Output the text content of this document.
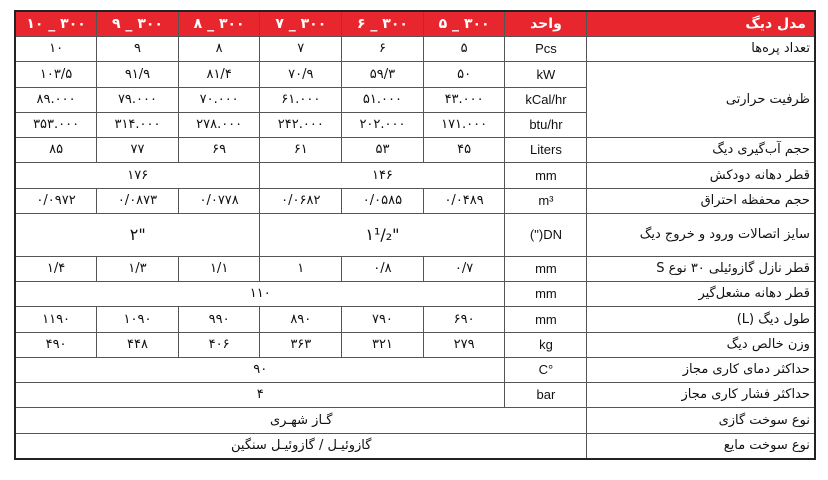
مدل دیگ	واحد	۳۰۰ _ ۵	۳۰۰ _ ۶	۳۰۰ _ ۷	۳۰۰ _ ۸	۳۰۰ _ ۹	۳۰۰ _ ۱۰
تعداد پره‌ها	Pcs	۵	۶	۷	۸	۹	۱۰
ظرفیت حرارتی	kW	۵۰	۵۹/۳	۷۰/۹	۸۱/۴	۹۱/۹	۱۰۳/۵
	kCal/hr	۴۳.۰۰۰	۵۱.۰۰۰	۶۱.۰۰۰	۷۰.۰۰۰	۷۹.۰۰۰	۸۹.۰۰۰
	btu/hr	۱۷۱.۰۰۰	۲۰۲.۰۰۰	۲۴۲.۰۰۰	۲۷۸.۰۰۰	۳۱۴.۰۰۰	۳۵۳.۰۰۰
حجم آب‌گیری دیگ	Liters	۴۵	۵۳	۶۱	۶۹	۷۷	۸۵
قطر دهانه دودکش	mm	۱۴۶			۱۷۶		
حجم محفظه احتراق	m³	۰/۰۴۸۹	۰/۰۵۸۵	۰/۰۶۸۲	۰/۰۷۷۸	۰/۰۸۷۳	۰/۰۹۷۲
سایز اتصالات ورود و خروج دیگ	DN(")	"۱¹/₂			"۲		
قطر نازل گازوئیلی ۳۰ نوع S	mm	۰/۷	۰/۸	۱	۱/۱	۱/۳	۱/۴
قطر دهانه مشعل‌گیر	mm	۱۱۰					
طول دیگ (L)	mm	۶۹۰	۷۹۰	۸۹۰	۹۹۰	۱۰۹۰	۱۱۹۰
وزن خالص دیگ	kg	۲۷۹	۳۲۱	۳۶۳	۴۰۶	۴۴۸	۴۹۰
حداکثر دمای کاری مجاز	°C	۹۰					
حداکثر فشار کاری مجاز	bar	۴					
نوع سوخت گازی	گـاز شهـری						
نوع سوخت مایع	گازوئیـل / گازوئیـل سنگین						
